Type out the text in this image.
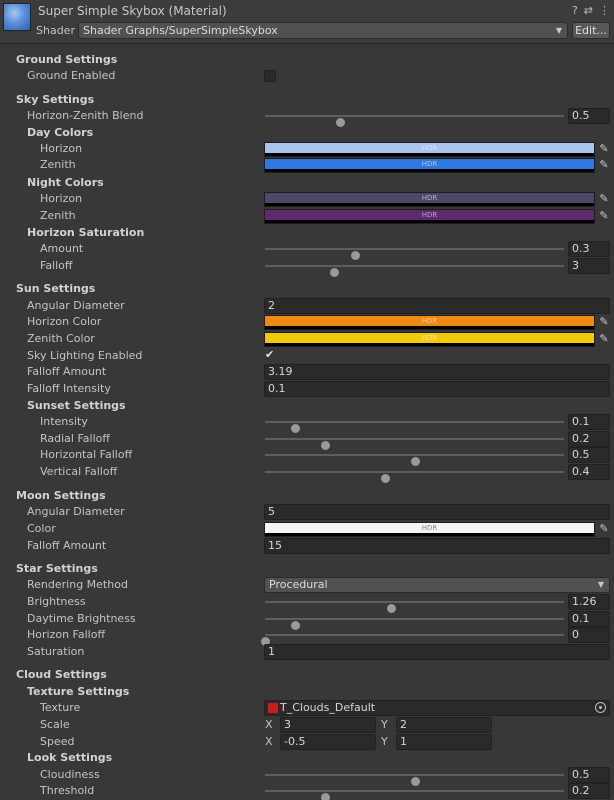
Super Simple Skybox (Material)	? ⇄ ⋮
Shader Shader Graphs/SuperSimpleSkybox	▼ Edit...
Ground Settings
Ground Enabled
Sky Settings
Horizon-Zenith Blend	0.5
Day Colors
Horizon	HDR	✎
Zenith	HDR	✎
Night Colors
Horizon	HDR	✎
Zenith	HDR	✎
Horizon Saturation
Amount	0.3
Falloff	3
Sun Settings
Angular Diameter	2
Horizon Color	HDR	✎
Zenith Color	HDR	✎
Sky Lighting Enabled	✔
Falloff Amount	3.19
Falloff Intensity	0.1
Sunset Settings
Intensity	0.1
Radial Falloff	0.2
Horizontal Falloff	0.5
Vertical Falloff	0.4
Moon Settings
Angular Diameter	5
Color	HDR	✎
Falloff Amount	15
Star Settings
Rendering Method	Procedural	▼
Brightness	1.26
Daytime Brightness	0.1
Horizon Falloff	0
Saturation	1
Cloud Settings
Texture Settings
Texture	T_Clouds_Default
Scale	X	3	Y	2
Speed	X	-0.5	Y	1
Look Settings
Cloudiness	0.5
Threshold	0.2
